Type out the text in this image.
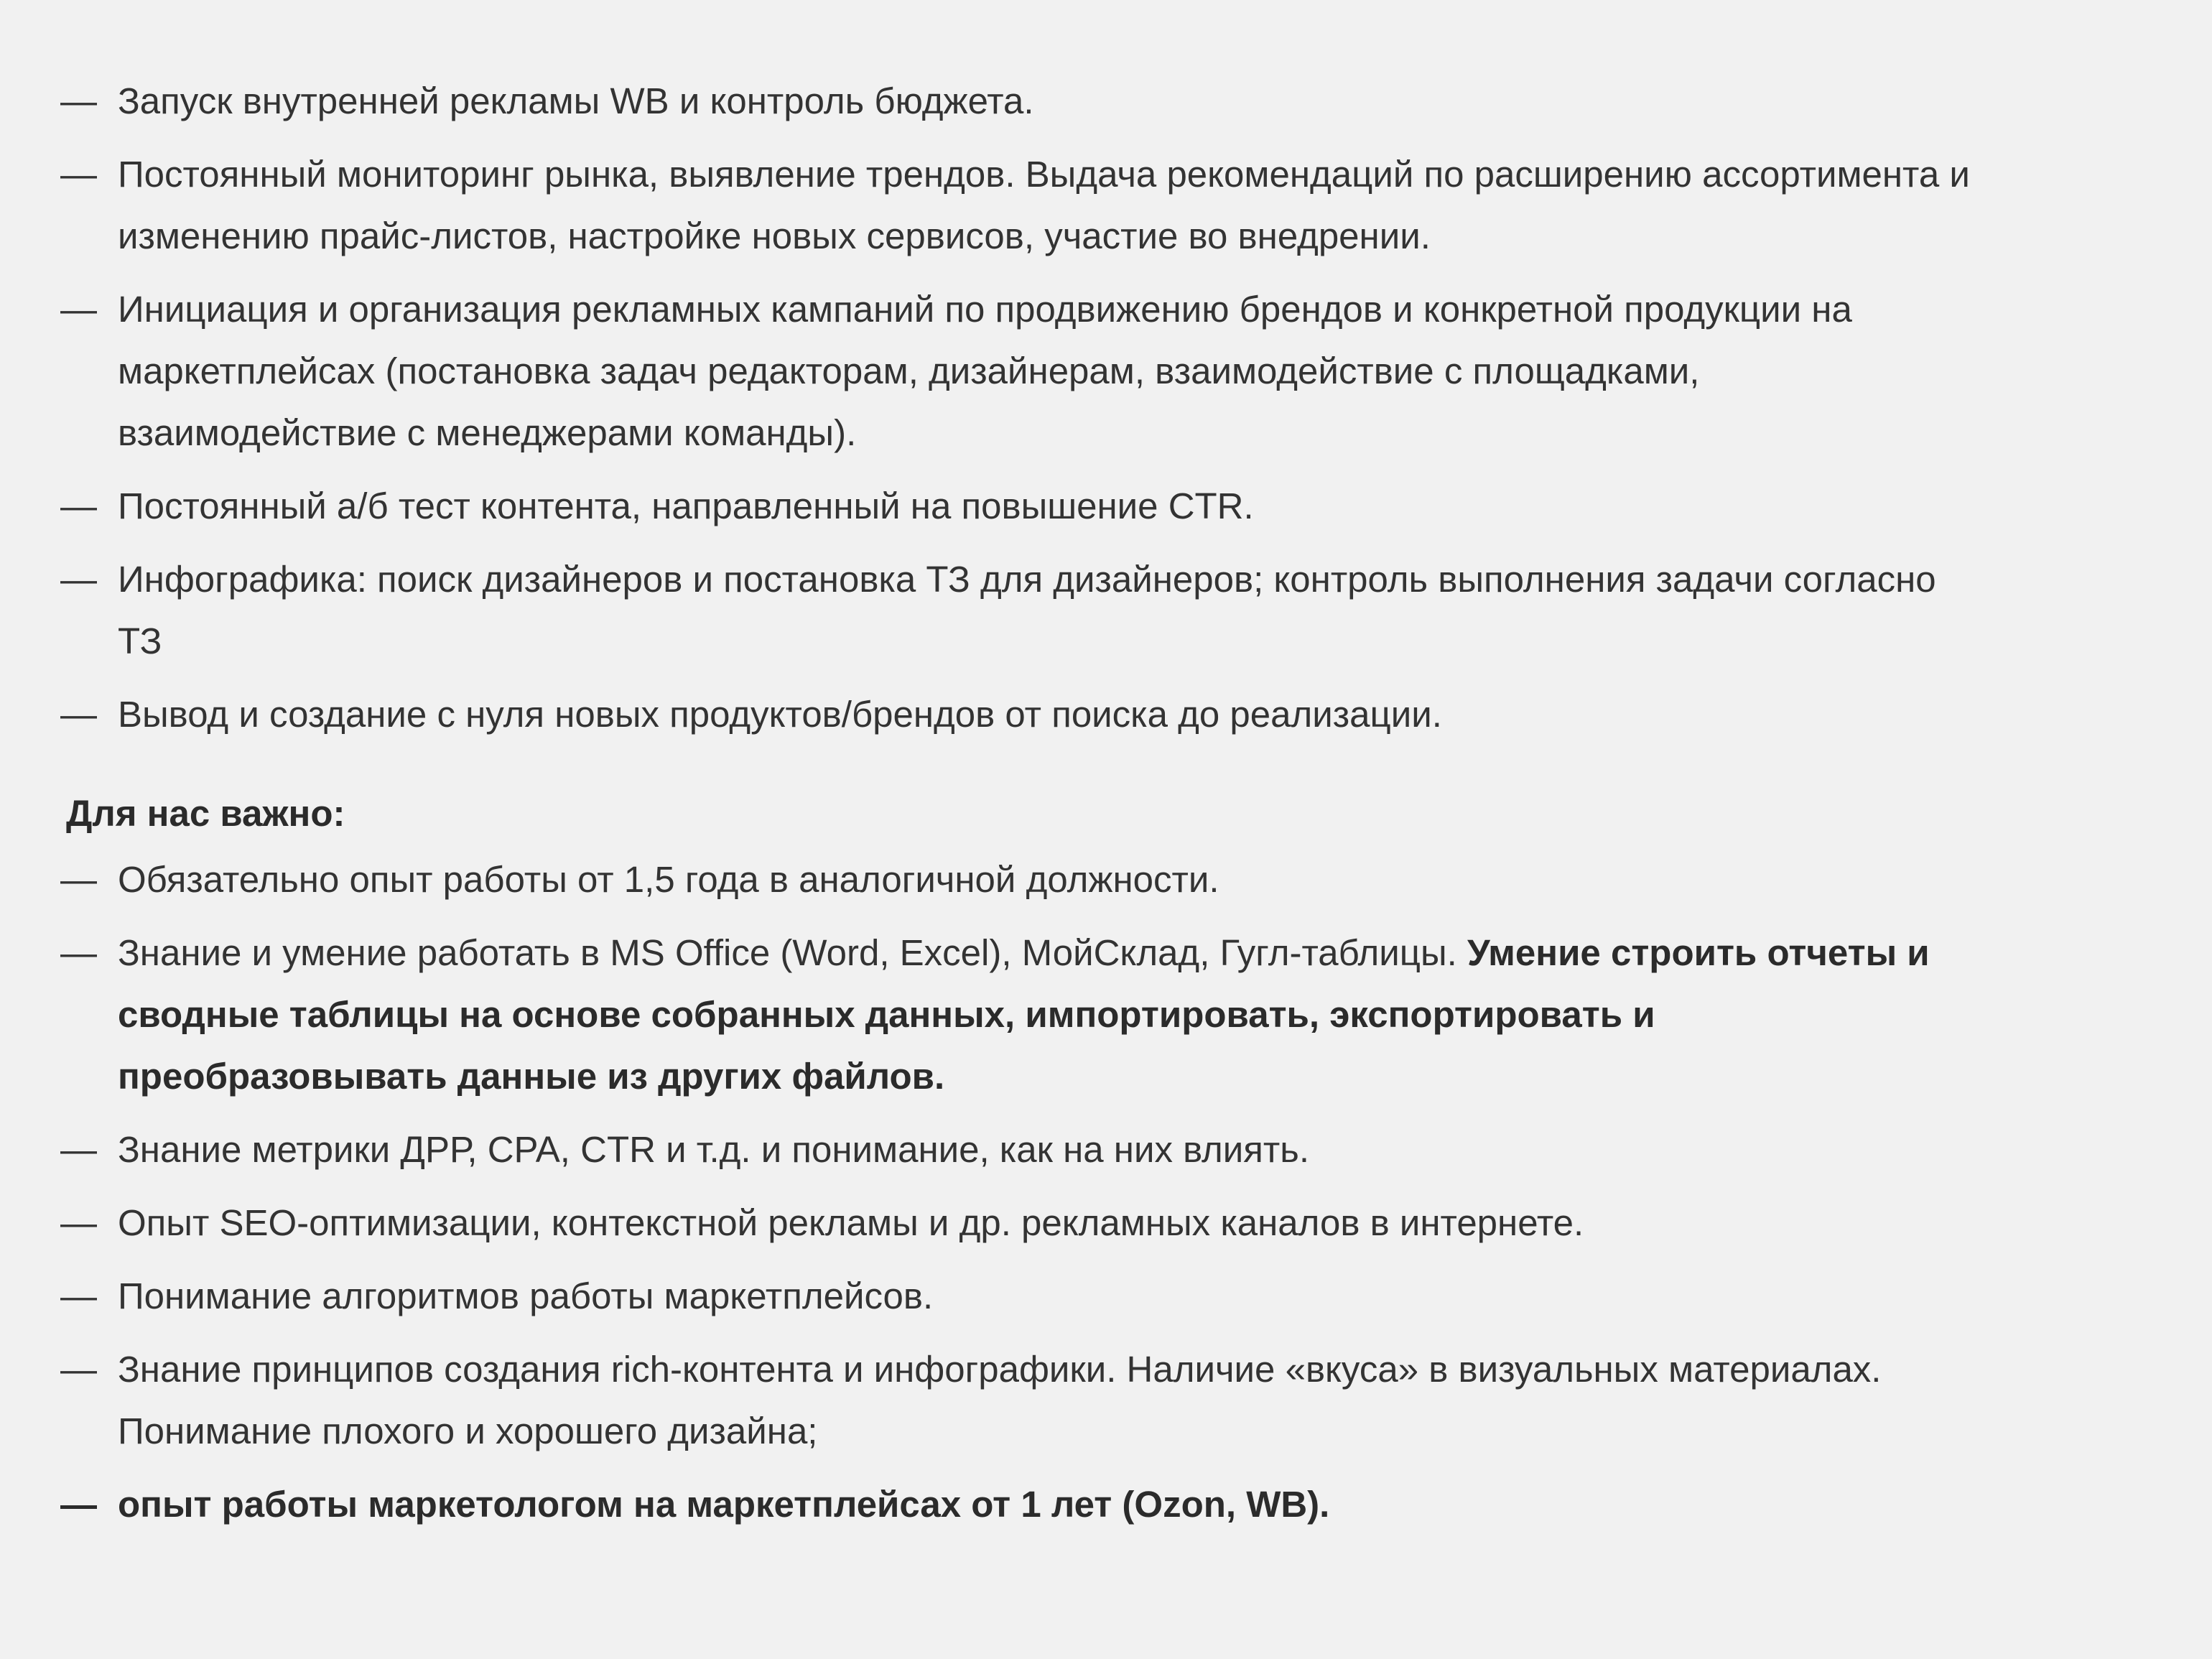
— Запуск внутренней рекламы WB и контроль бюджета.
— Постоянный мониторинг рынка, выявление трендов. Выдача рекомендаций по расширению ассортимента и изменению прайс-листов, настройке новых сервисов, участие во внедрении.
— Инициация и организация рекламных кампаний по продвижению брендов и конкретной продукции на маркетплейсах (постановка задач редакторам, дизайнерам, взаимодействие с площадками, взаимодействие с менеджерами команды).
— Постоянный а/б тест контента, направленный на повышение CTR.
— Инфографика: поиск дизайнеров и постановка ТЗ для дизайнеров; контроль выполнения задачи согласно ТЗ
— Вывод и создание с нуля новых продуктов/брендов от поиска до реализации.
Для нас важно:
— Обязательно опыт работы от 1,5 года в аналогичной должности.
— Знание и умение работать в MS Office (Word, Excel), МойСклад, Гугл-таблицы. Умение строить отчеты и сводные таблицы на основе собранных данных, импортировать, экспортировать и преобразовывать данные из других файлов.
— Знание метрики ДРР, CPA, CTR и т.д. и понимание, как на них влиять.
— Опыт SEO-оптимизации, контекстной рекламы и др. рекламных каналов в интернете.
— Понимание алгоритмов работы маркетплейсов.
— Знание принципов создания rich-контента и инфографики. Наличие «вкуса» в визуальных материалах. Понимание плохого и хорошего дизайна;
— опыт работы маркетологом на маркетплейсах от 1 лет (Ozon, WB).
